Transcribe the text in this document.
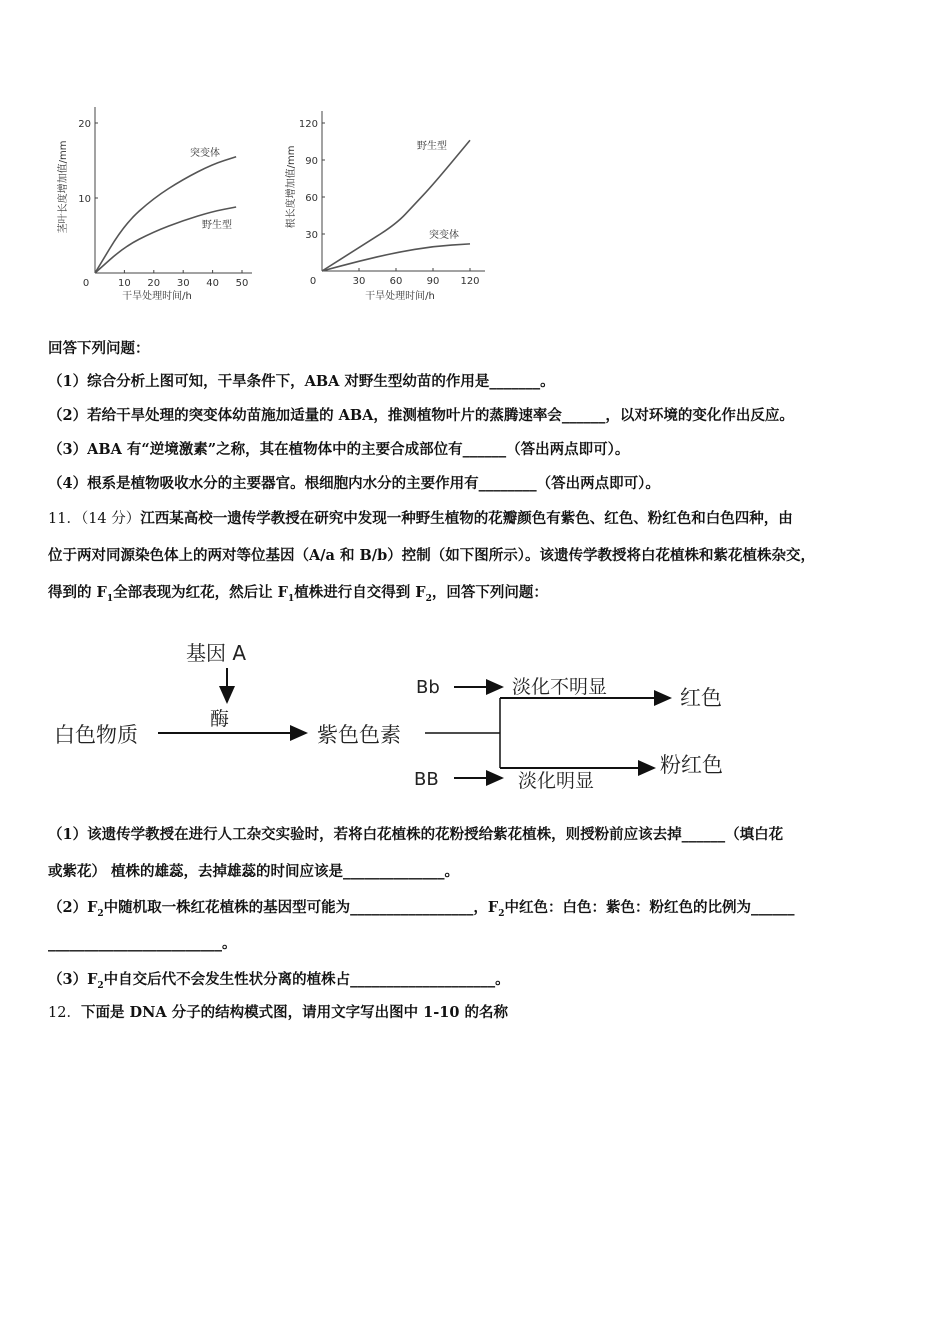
0	10 20 30 40 50
10
20
突变体
野生型
干旱处理时间/h
茎叶长度增加值/mm
0	30 60 90 120
30
60
90
120
野生型
突变体
干旱处理时间/h
根长度增加值/mm
回答下列问题：
（1）综合分析上图可知，干旱条件下，ABA 对野生型幼苗的作用是_______。
（2）若给干旱处理的突变体幼苗施加适量的 ABA，推测植物叶片的蒸腾速率会______，以对环境的变化作出反应。
（3）ABA 有“逆境激素”之称，其在植物体中的主要合成部位有______（答出两点即可）。
（4）根系是植物吸收水分的主要器官。根细胞内水分的主要作用有________（答出两点即可）。
11．（14 分）江西某高校一遗传学教授在研究中发现一种野生植物的花瓣颜色有紫色、红色、粉红色和白色四种，由
位于两对同源染色体上的两对等位基因（A/a 和 B/b）控制（如下图所示）。该遗传学教授将白花植株和紫花植株杂交，
得到的 $F_1$全部表现为红花，然后让 $F_1$植株进行自交得到 $F_2$，回答下列问题：
基因 A
酶
白色物质	紫色色素
Bb	淡化不明显	红色
BB	淡化明显
粉红色
（1）该遗传学教授在进行人工杂交实验时，若将白花植株的花粉授给紫花植株，则授粉前应该去掉______（填白花
或紫花） 植株的雄蕊，去掉雄蕊的时间应该是______________。
$(2)F_2$中随机取一株红花植株的基因型可能为_________________，$F_2$中红色：白色：紫色：粉红色的比例为______
________________________。
$(3)F_2$中自交后代不会发生性状分离的植株占____________________。
12．下面是 DNA 分子的结构模式图，请用文字写出图中 1-10 的名称
